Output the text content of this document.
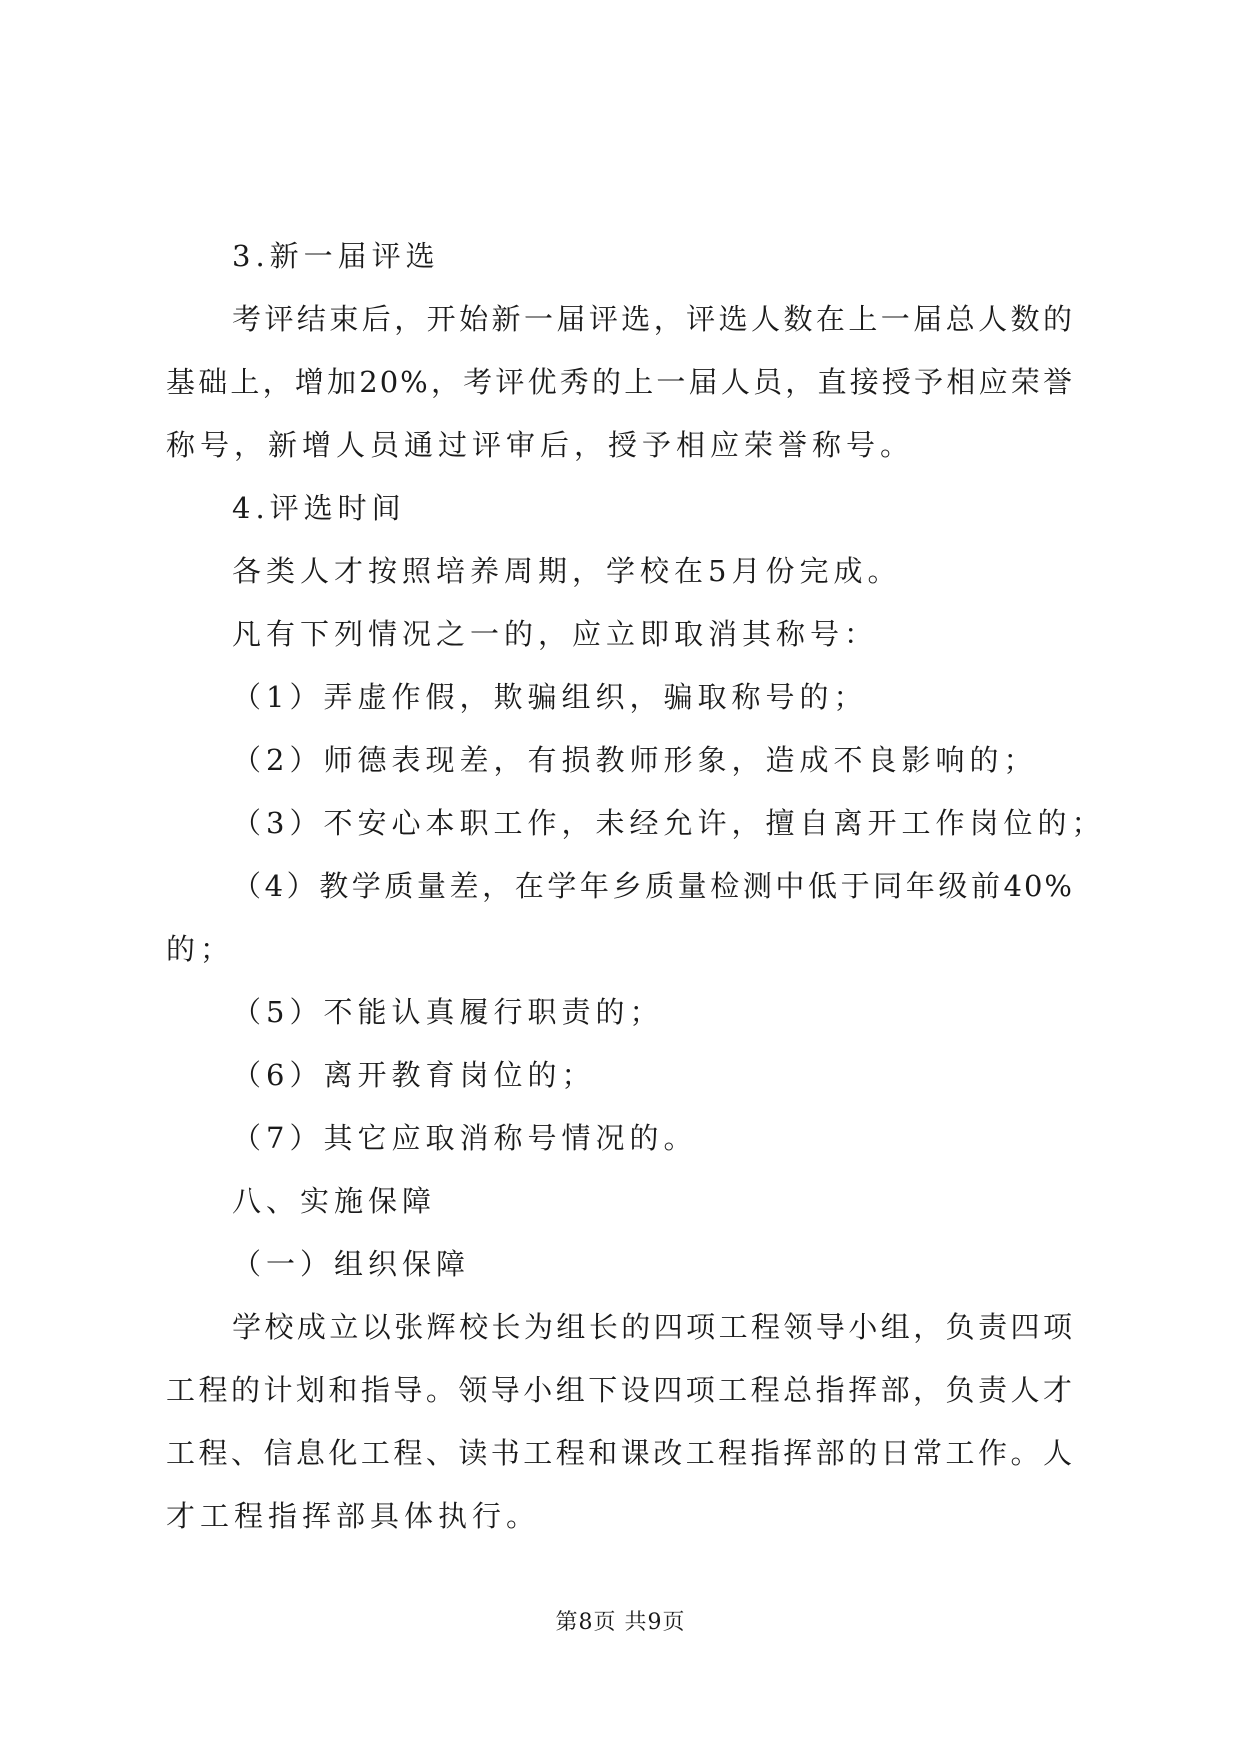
3.新一届评选
考评结束后，开始新一届评选，评选人数在上一届总人数的
基础上，增加20%，考评优秀的上一届人员，直接授予相应荣誉
称号，新增人员通过评审后，授予相应荣誉称号。
4.评选时间
各类人才按照培养周期，学校在5月份完成。
凡有下列情况之一的，应立即取消其称号：
（1）弄虚作假，欺骗组织，骗取称号的；
（2）师德表现差，有损教师形象，造成不良影响的；
（3）不安心本职工作，未经允许，擅自离开工作岗位的；
（4）教学质量差，在学年乡质量检测中低于同年级前40%
的；
（5）不能认真履行职责的；
（6）离开教育岗位的；
（7）其它应取消称号情况的。
八、实施保障
（一）组织保障
学校成立以张辉校长为组长的四项工程领导小组，负责四项
工程的计划和指导。领导小组下设四项工程总指挥部，负责人才
工程、信息化工程、读书工程和课改工程指挥部的日常工作。人
才工程指挥部具体执行。
第8页 共9页
